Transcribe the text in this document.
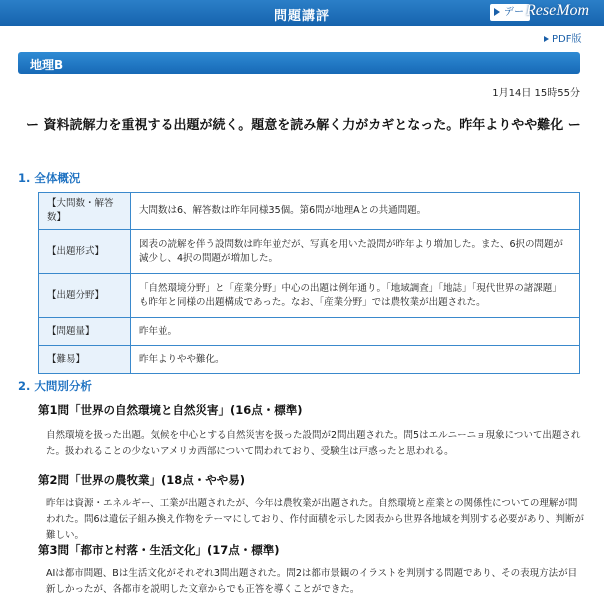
問題講評	デー ReseMom
PDF版
地理B
1月14日 15時55分
ー 資料読解力を重視する出題が続く。題意を読み解く力がカギとなった。昨年よりやや難化 ー
1. 全体概況
【大問数・解答数】	大問数は6、解答数は昨年同様35個。第6問が地理Aとの共通問題。
【出題形式】	図表の読解を伴う設問数は昨年並だが、写真を用いた設問が昨年より増加した。また、6択の問題が減少し、4択の問題が増加した。
【出題分野】	「自然環境分野」と「産業分野」中心の出題は例年通り。「地域調査」「地誌」「現代世界の諸課題」も昨年と同様の出題構成であった。なお、「産業分野」では農牧業が出題された。
【問題量】	昨年並。
【難易】	昨年よりやや難化。
2. 大問別分析
第1問「世界の自然環境と自然災害」(16点・標準)
自然環境を扱った出題。気候を中心とする自然災害を扱った設問が2問出題された。問5はエルニーニョ現象について出題された。扱われることの少ないアメリカ西部について問われており、受験生は戸惑ったと思われる。
第2問「世界の農牧業」(18点・やや易)
昨年は資源・エネルギー、工業が出題されたが、今年は農牧業が出題された。自然環境と産業との関係性についての理解が問われた。問6は遺伝子組み換え作物をテーマにしており、作付面積を示した図表から世界各地域を判別する必要があり、判断が難しい。
第3問「都市と村落・生活文化」(17点・標準)
AIは都市問題、Bは生活文化がそれぞれ3問出題された。問2は都市景観のイラストを判別する問題であり、その表現方法が目新しかったが、各都市を説明した文章からでも正答を導くことができた。
